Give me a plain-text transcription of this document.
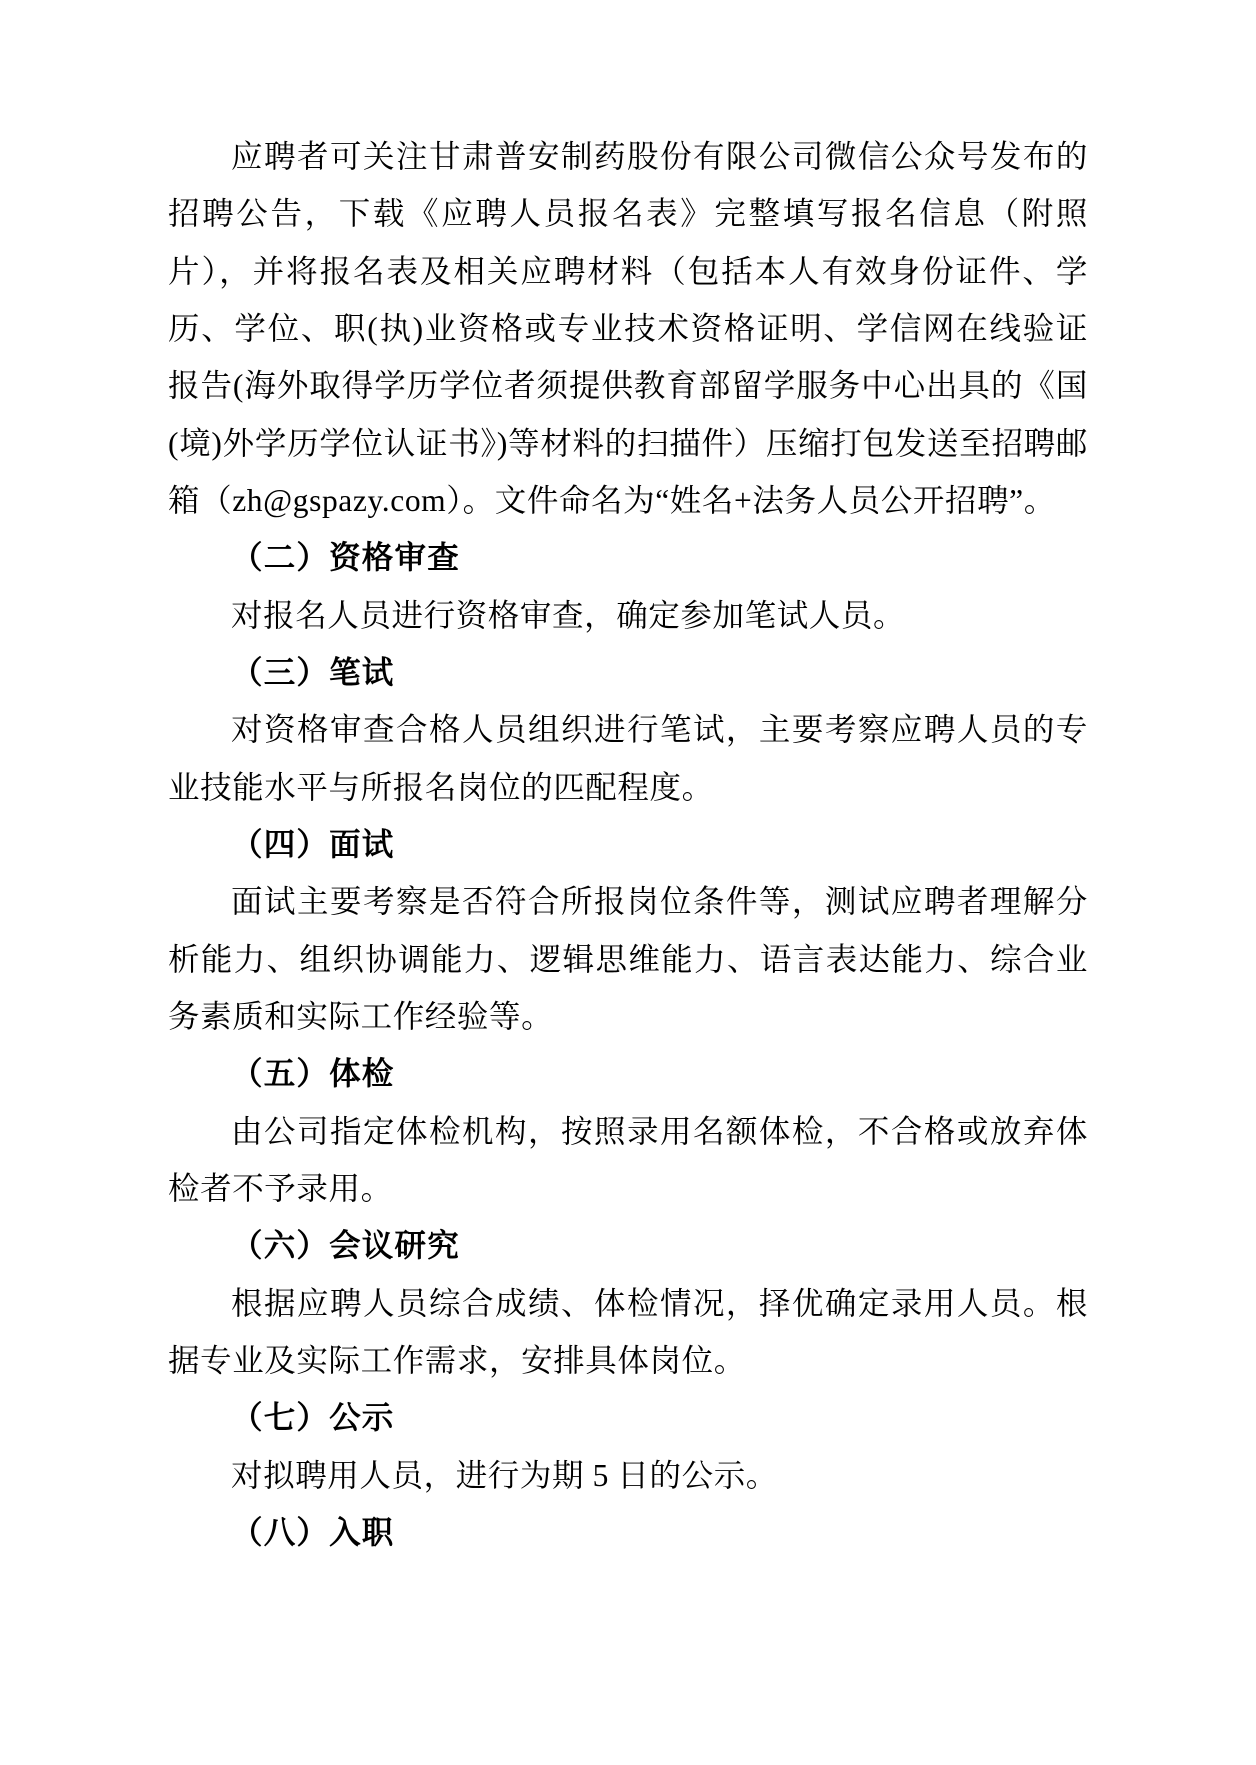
应聘者可关注甘肃普安制药股份有限公司微信公众号发布的招聘公告，下载《应聘人员报名表》完整填写报名信息（附照片），并将报名表及相关应聘材料（包括本人有效身份证件、学历、学位、职(执)业资格或专业技术资格证明、学信网在线验证报告(海外取得学历学位者须提供教育部留学服务中心出具的《国(境)外学历学位认证书》)等材料的扫描件）压缩打包发送至招聘邮箱（zh@gspazy.com）。文件命名为“姓名+法务人员公开招聘”。

（二）资格审查

对报名人员进行资格审查，确定参加笔试人员。

（三）笔试

对资格审查合格人员组织进行笔试，主要考察应聘人员的专业技能水平与所报名岗位的匹配程度。

（四）面试

面试主要考察是否符合所报岗位条件等，测试应聘者理解分析能力、组织协调能力、逻辑思维能力、语言表达能力、综合业务素质和实际工作经验等。

（五）体检

由公司指定体检机构，按照录用名额体检，不合格或放弃体检者不予录用。

（六）会议研究

根据应聘人员综合成绩、体检情况，择优确定录用人员。根据专业及实际工作需求，安排具体岗位。

（七）公示

对拟聘用人员，进行为期 5 日的公示。

（八）入职
